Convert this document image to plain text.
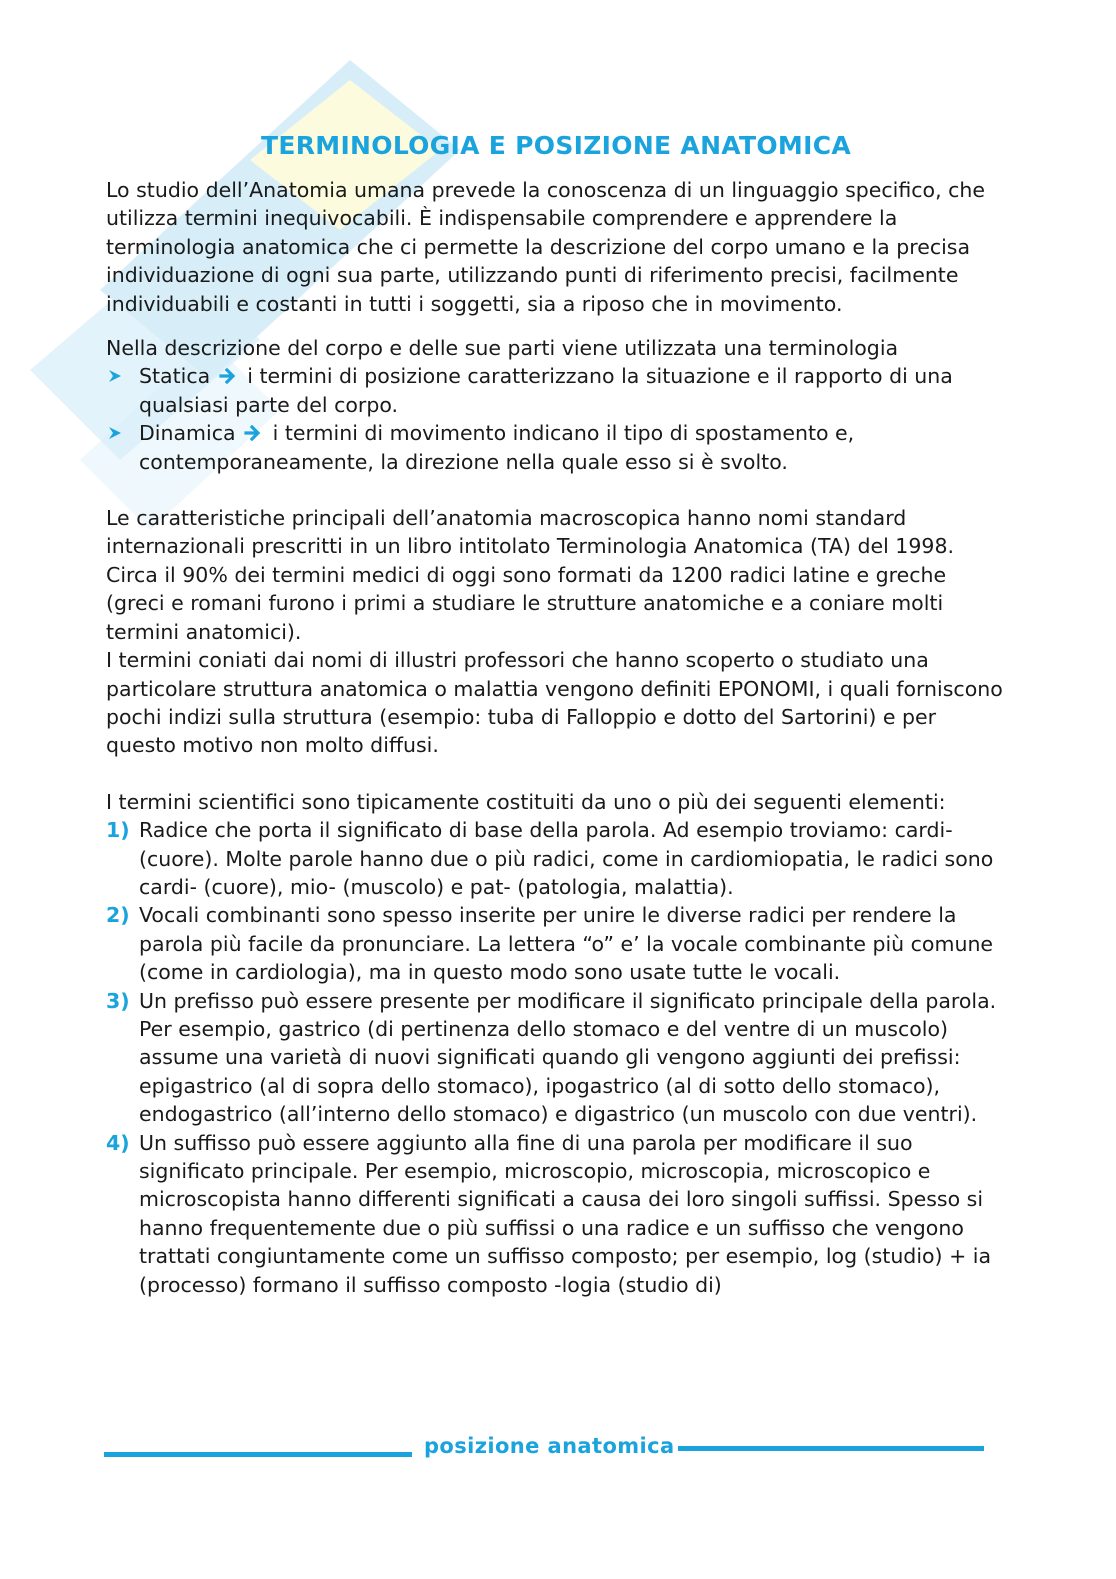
TERMINOLOGIA E POSIZIONE ANATOMICA

Lo studio dell’Anatomia umana prevede la conoscenza di un linguaggio specifico, che utilizza termini inequivocabili. È indispensabile comprendere e apprendere la terminologia anatomica che ci permette la descrizione del corpo umano e la precisa individuazione di ogni sua parte, utilizzando punti di riferimento precisi, facilmente individuabili e costanti in tutti i soggetti, sia a riposo che in movimento.

Nella descrizione del corpo e delle sue parti viene utilizzata una terminologia

Statica i termini di posizione caratterizzano la situazione e il rapporto di una qualsiasi parte del corpo.
Dinamica i termini di movimento indicano il tipo di spostamento e, contemporaneamente, la direzione nella quale esso si è svolto.

Le caratteristiche principali dell’anatomia macroscopica hanno nomi standard internazionali prescritti in un libro intitolato Terminologia Anatomica (TA) del 1998. Circa il 90% dei termini medici di oggi sono formati da 1200 radici latine e greche (greci e romani furono i primi a studiare le strutture anatomiche e a coniare molti termini anatomici).

I termini coniati dai nomi di illustri professori che hanno scoperto o studiato una particolare struttura anatomica o malattia vengono definiti EPONOMI, i quali forniscono pochi indizi sulla struttura (esempio: tuba di Falloppio e dotto del Sartorini) e per questo motivo non molto diffusi.

I termini scientifici sono tipicamente costituiti da uno o più dei seguenti elementi:

1) Radice che porta il significato di base della parola. Ad esempio troviamo: cardi- (cuore). Molte parole hanno due o più radici, come in cardiomiopatia, le radici sono cardi- (cuore), mio- (muscolo) e pat- (patologia, malattia).
2) Vocali combinanti sono spesso inserite per unire le diverse radici per rendere la parola più facile da pronunciare. La lettera “o” e’ la vocale combinante più comune (come in cardiologia), ma in questo modo sono usate tutte le vocali.
3) Un prefisso può essere presente per modificare il significato principale della parola. Per esempio, gastrico (di pertinenza dello stomaco e del ventre di un muscolo) assume una varietà di nuovi significati quando gli vengono aggiunti dei prefissi: epigastrico (al di sopra dello stomaco), ipogastrico (al di sotto dello stomaco), endogastrico (all’interno dello stomaco) e digastrico (un muscolo con due ventri).
4) Un suffisso può essere aggiunto alla fine di una parola per modificare il suo significato principale. Per esempio, microscopio, microscopia, microscopico e microscopista hanno differenti significati a causa dei loro singoli suffissi. Spesso si hanno frequentemente due o più suffissi o una radice e un suffisso che vengono trattati congiuntamente come un suffisso composto; per esempio, log (studio) + ia (processo) formano il suffisso composto -logia (studio di)
posizione anatomica
